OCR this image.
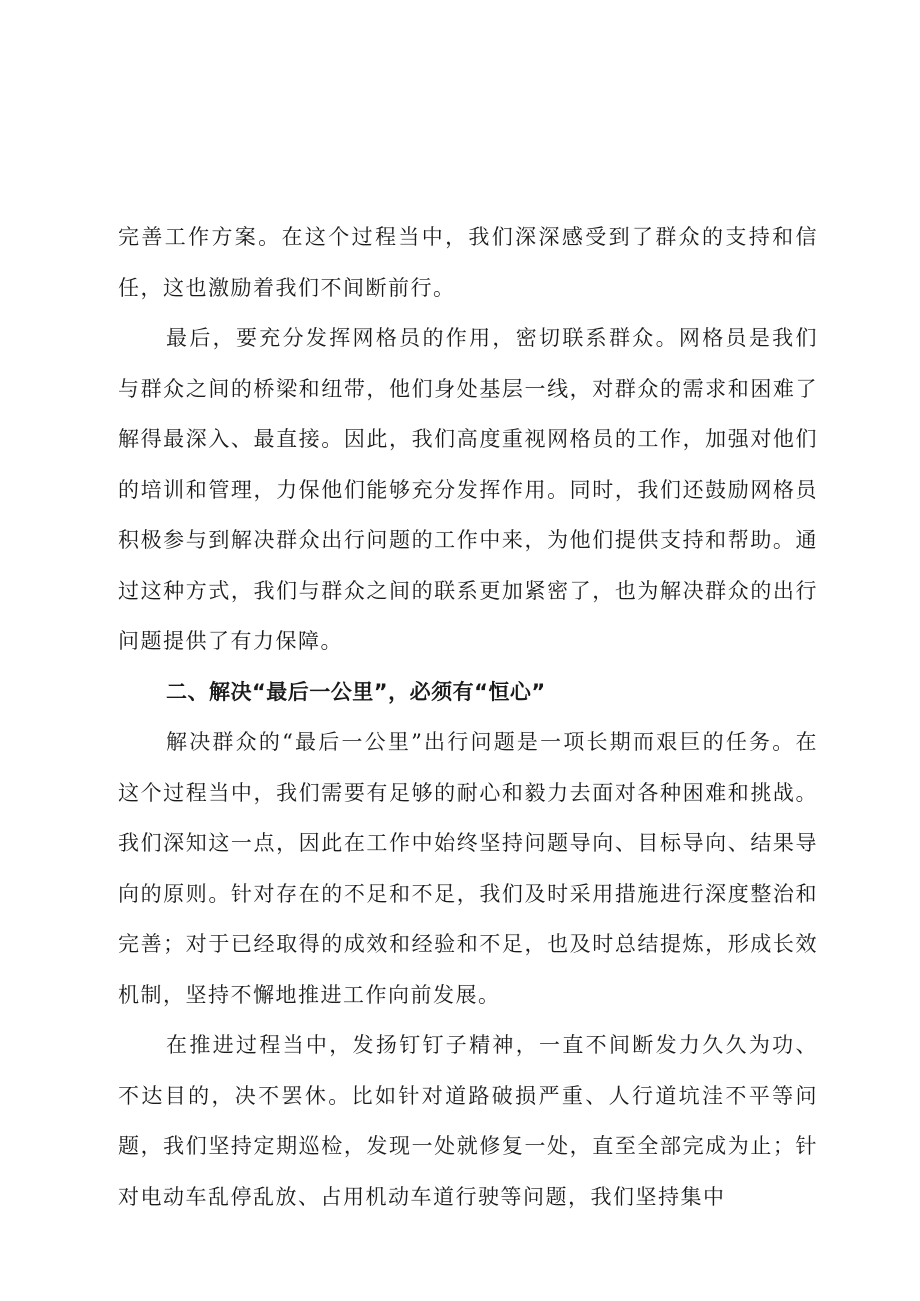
完善工作方案。在这个过程当中，我们深深感受到了群众的支持和信任，这也激励着我们不间断前行。

最后，要充分发挥网格员的作用，密切联系群众。网格员是我们与群众之间的桥梁和纽带，他们身处基层一线，对群众的需求和困难了解得最深入、最直接。因此，我们高度重视网格员的工作，加强对他们的培训和管理，力保他们能够充分发挥作用。同时，我们还鼓励网格员积极参与到解决群众出行问题的工作中来，为他们提供支持和帮助。通过这种方式，我们与群众之间的联系更加紧密了，也为解决群众的出行问题提供了有力保障。

二、解决“最后一公里”，必须有“恒心”

解决群众的“最后一公里”出行问题是一项长期而艰巨的任务。在这个过程当中，我们需要有足够的耐心和毅力去面对各种困难和挑战。我们深知这一点，因此在工作中始终坚持问题导向、目标导向、结果导向的原则。针对存在的不足和不足，我们及时采用措施进行深度整治和完善；对于已经取得的成效和经验和不足，也及时总结提炼，形成长效机制，坚持不懈地推进工作向前发展。

在推进过程当中，发扬钉钉子精神，一直不间断发力久久为功、不达目的，决不罢休。比如针对道路破损严重、人行道坑洼不平等问题，我们坚持定期巡检，发现一处就修复一处，直至全部完成为止；针对电动车乱停乱放、占用机动车道行驶等问题，我们坚持集中
